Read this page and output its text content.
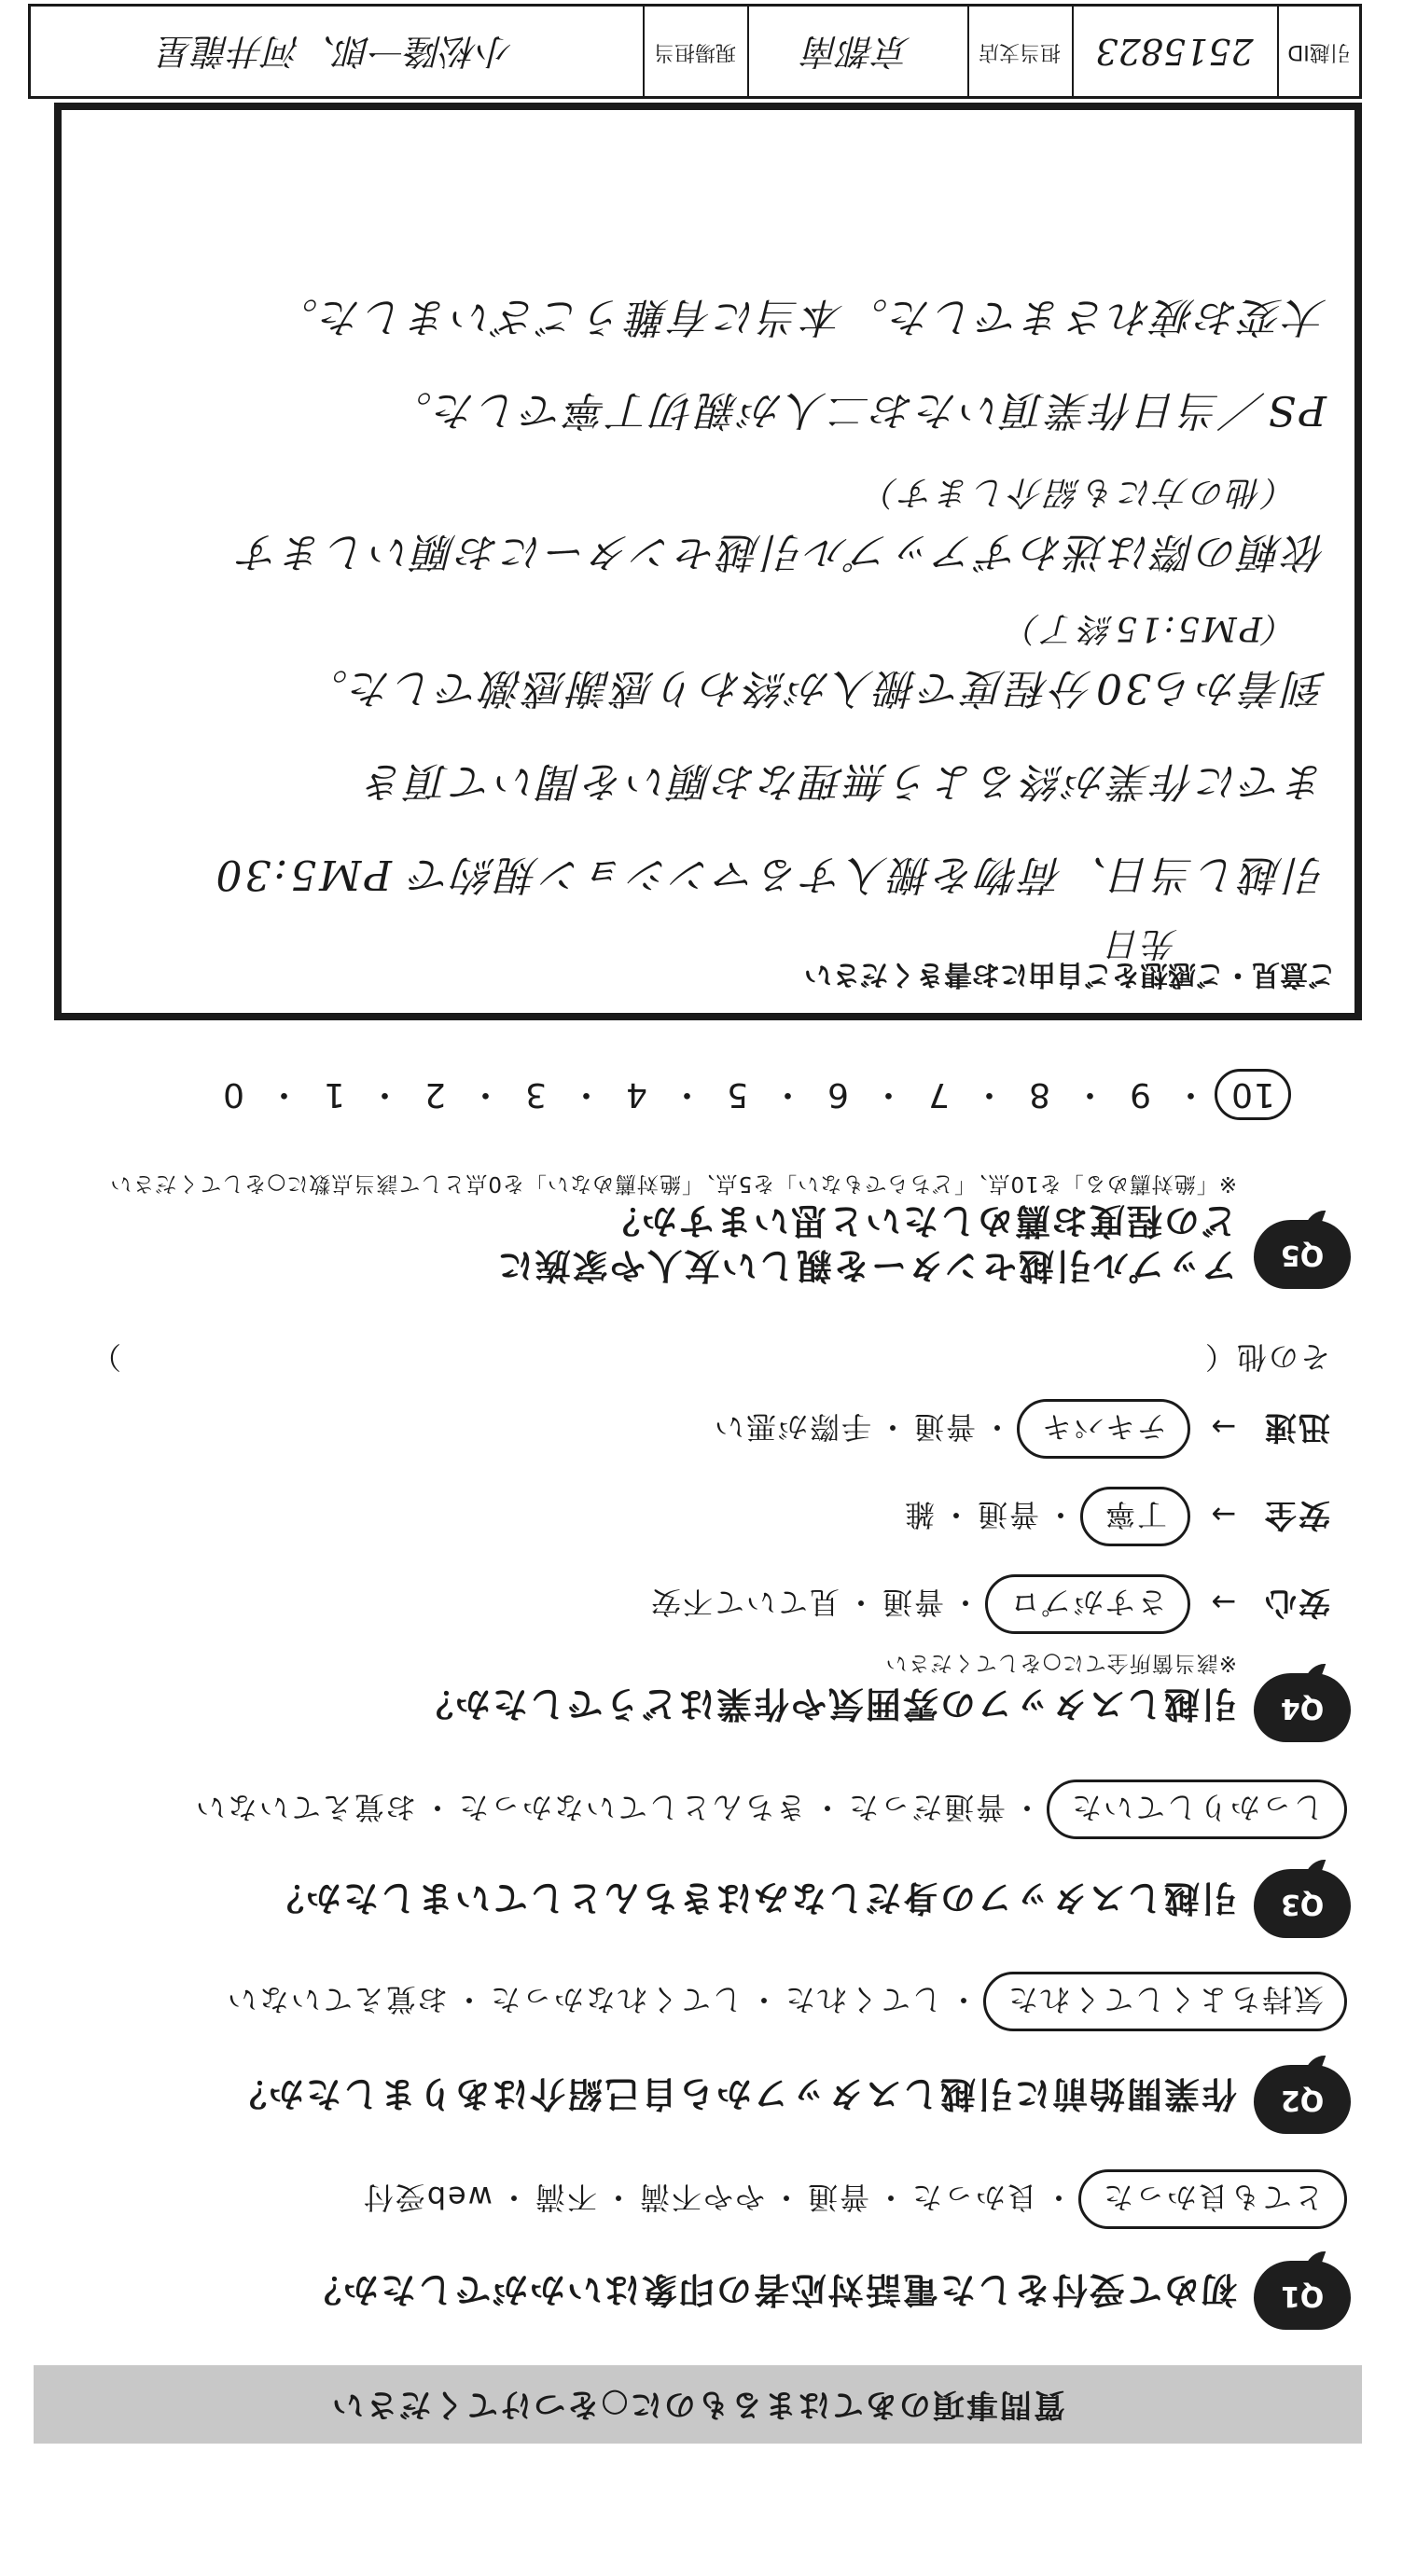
質問事項のあてはまるものに○をつけてください
Q1
初めて受付をした電話対応者の印象はいかがでしたか？
とても良かった・良かった・普通・やや不満・不満・web受付
Q2
作業開始前に引越しスタッフから自己紹介はありましたか？
気持ちよくしてくれた・してくれた・してくれなかった・お覚えていない
Q3
引越しスタッフの身だしなみはきちんとしていましたか？
しっかりしていた・普通だった・きちんとしていなかった・お覚えていない
Q4
引越しスタッフの雰囲気や作業はどうでしたか？
※該当箇所全てに○をしてください
安心→さすがプロ・普通・見ていて不安
安全→丁寧・普通・雑
迅速→テキパキ・普通・手際が悪い
その他（
）
Q5
アップル引越センターを親しい友人や家族に
どの程度お薦めしたいと思いますか？
※「絶対薦める」を10点、「どちらでもない」を5点、「絶対薦めない」を0点として該当点数に○をしてください
10・9・8・7・6・5・4・3・2・1・0
ご意見・ご感想をご自由にお書きください
先日
引越し当日、荷物を搬入するマンション規約で PM5:30
までに作業が終るよう無理なお願いを聞いて頂き
到着から30分程度で搬入が終わり感謝感激でした。
（PM5:15終了）
依頼の際は迷わずアップル引越センターにお願いします
（他の方にも紹介します）
PS／当日作業頂いたお二人が親切丁寧でした。
大変お疲れさまでした。本当に有難うございました。
引越ID
2515823
担当支店
京都南
現場担当
小松隆一郎、河井龍星
